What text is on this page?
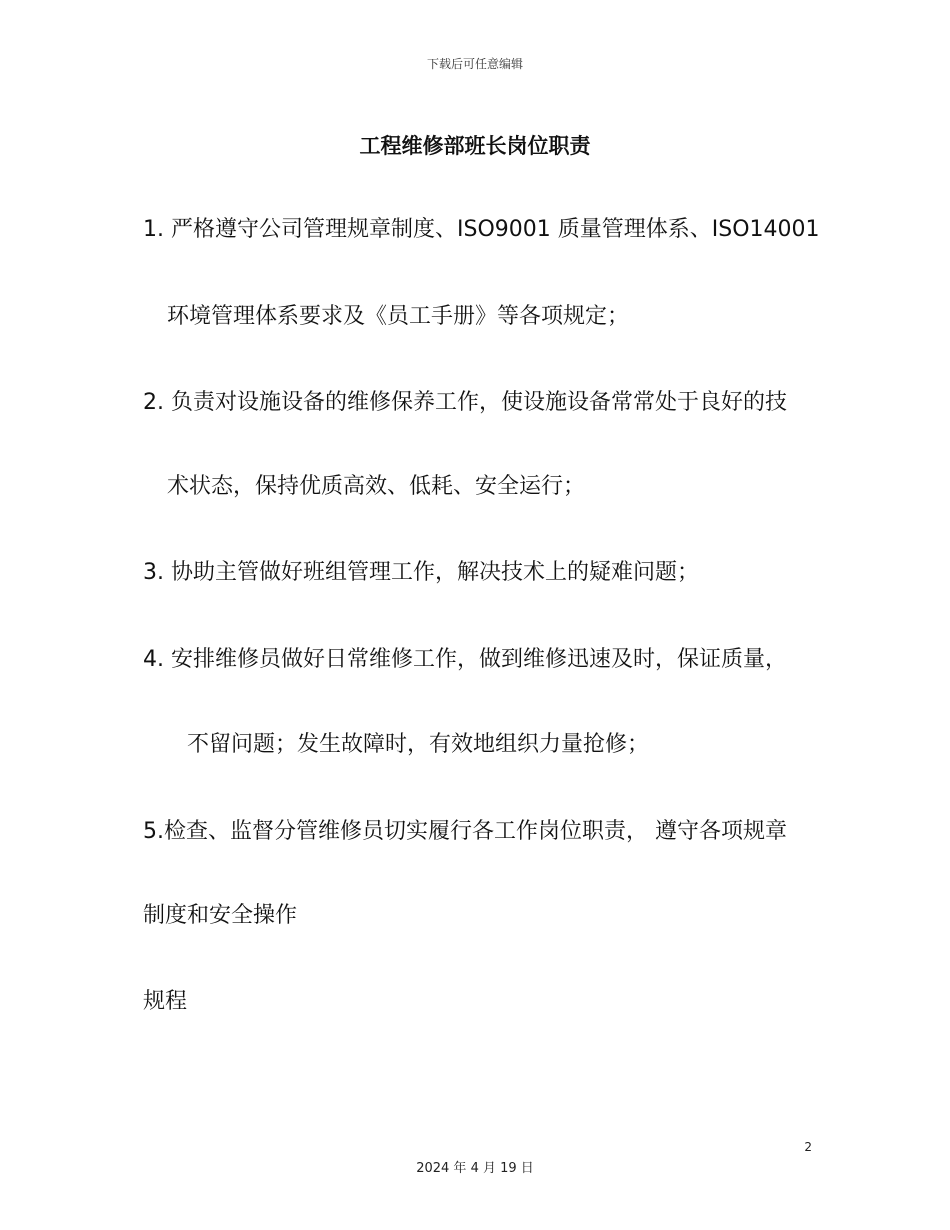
下载后可任意编辑
工程维修部班长岗位职责
1. 严格遵守公司管理规章制度、ISO9001 质量管理体系、ISO14001
环境管理体系要求及《员工手册》等各项规定；
2. 负责对设施设备的维修保养工作，使设施设备常常处于良好的技
术状态，保持优质高效、低耗、安全运行；
3. 协助主管做好班组管理工作，解决技术上的疑难问题；
4. 安排维修员做好日常维修工作，做到维修迅速及时，保证质量，
不留问题；发生故障时，有效地组织力量抢修；
5.检查、监督分管维修员切实履行各工作岗位职责， 遵守各项规章
制度和安全操作
规程
2
2024 年 4 月 19 日
